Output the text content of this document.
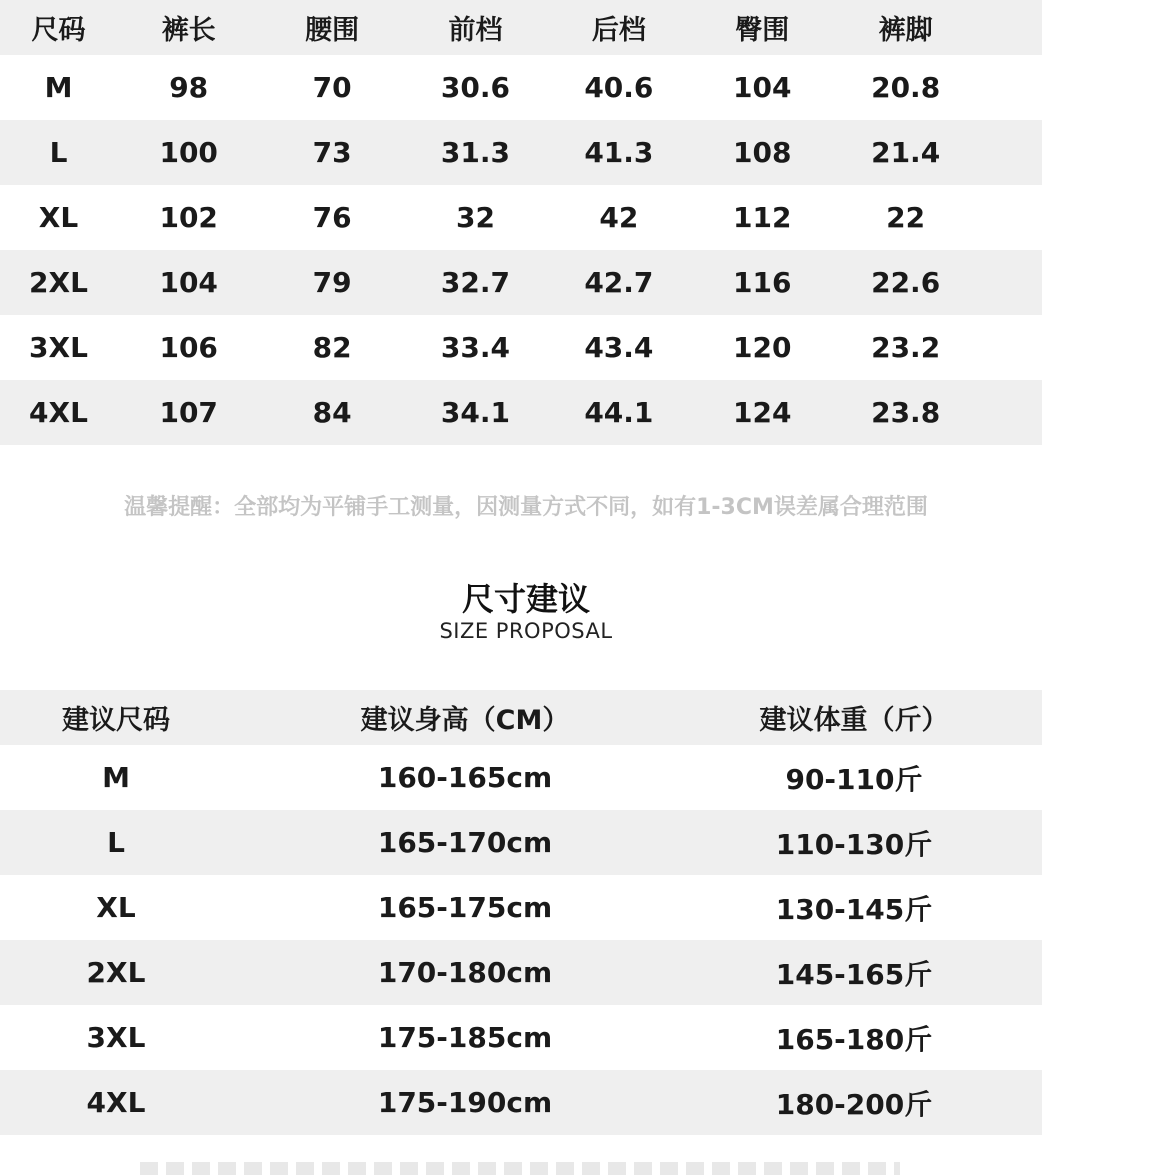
尺码	裤长	腰围	前档	后档	臀围	裤脚
M	98	70	30.6	40.6	104	20.8
L	100	73	31.3	41.3	108	21.4
XL	102	76	32	42	112	22
2XL	104	79	32.7	42.7	116	22.6
3XL	106	82	33.4	43.4	120	23.2
4XL	107	84	34.1	44.1	124	23.8
温馨提醒：全部均为平铺手工测量，因测量方式不同，如有1-3CM误差属合理范围
尺寸建议
SIZE PROPOSAL
建议尺码	建议身高（CM）	建议体重（斤）
M	160-165cm	90-110斤
L	165-170cm	110-130斤
XL	165-175cm	130-145斤
2XL	170-180cm	145-165斤
3XL	175-185cm	165-180斤
4XL	175-190cm	180-200斤
